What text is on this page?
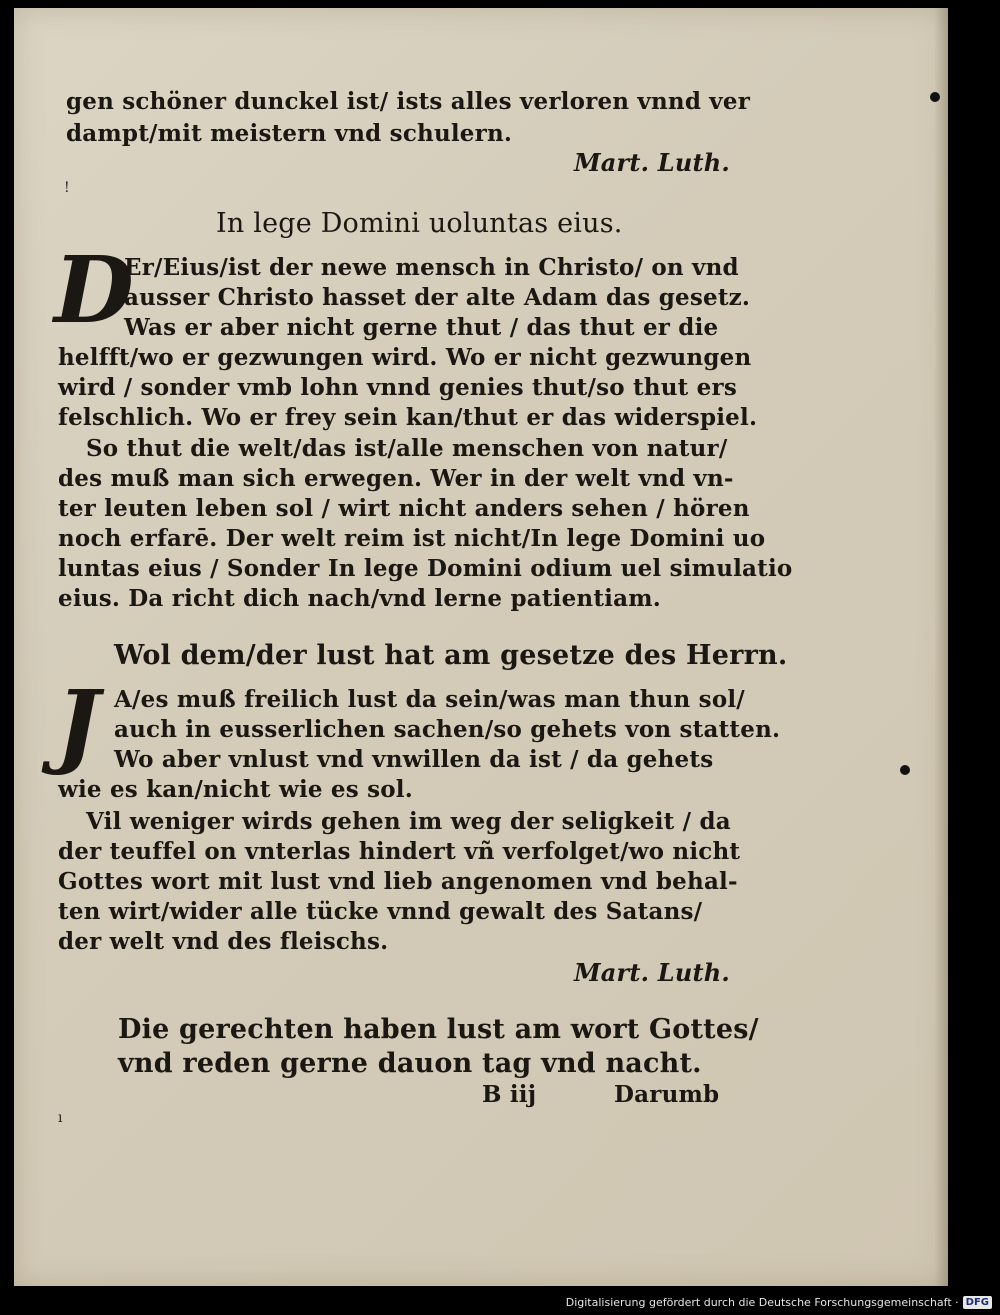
gen schöner dunckel ist/ ists alles verloren vnnd ver
dampt/mit meistern vnd schulern.
Mart. Luth.
!
In lege Domini uoluntas eius.
D
Er/Eius/ist der newe mensch in Christo/ on vnd
ausser Christo hasset der alte Adam das gesetz.
Was er aber nicht gerne thut / das thut er die
helfft/wo er gezwungen wird. Wo er nicht gezwungen
wird / sonder vmb lohn vnnd genies thut/so thut ers
felschlich. Wo er frey sein kan/thut er das widerspiel.
So thut die welt/das ist/alle menschen von natur/
des muß man sich erwegen. Wer in der welt vnd vn-
ter leuten leben sol / wirt nicht anders sehen / hören
noch erfarē. Der welt reim ist nicht/In lege Domini uo
luntas eius / Sonder In lege Domini odium uel simulatio
eius. Da richt dich nach/vnd lerne patientiam.
Wol dem/der lust hat am gesetze des Herrn.
J A/es muß freilich lust da sein/was man thun sol/
auch in eusserlichen sachen/so gehets von statten.
Wo aber vnlust vnd vnwillen da ist / da gehets
wie es kan/nicht wie es sol.
Vil weniger wirds gehen im weg der seligkeit / da
der teuffel on vnterlas hindert vñ verfolget/wo nicht
Gottes wort mit lust vnd lieb angenomen vnd behal-
ten wirt/wider alle tücke vnnd gewalt des Satans/
der welt vnd des fleischs.
Mart. Luth.
Die gerechten haben lust am wort Gottes/
vnd reden gerne dauon tag vnd nacht.
B iij	Darumb
ı
Digitalisierung gefördert durch die Deutsche Forschungsgemeinschaft · DFG
